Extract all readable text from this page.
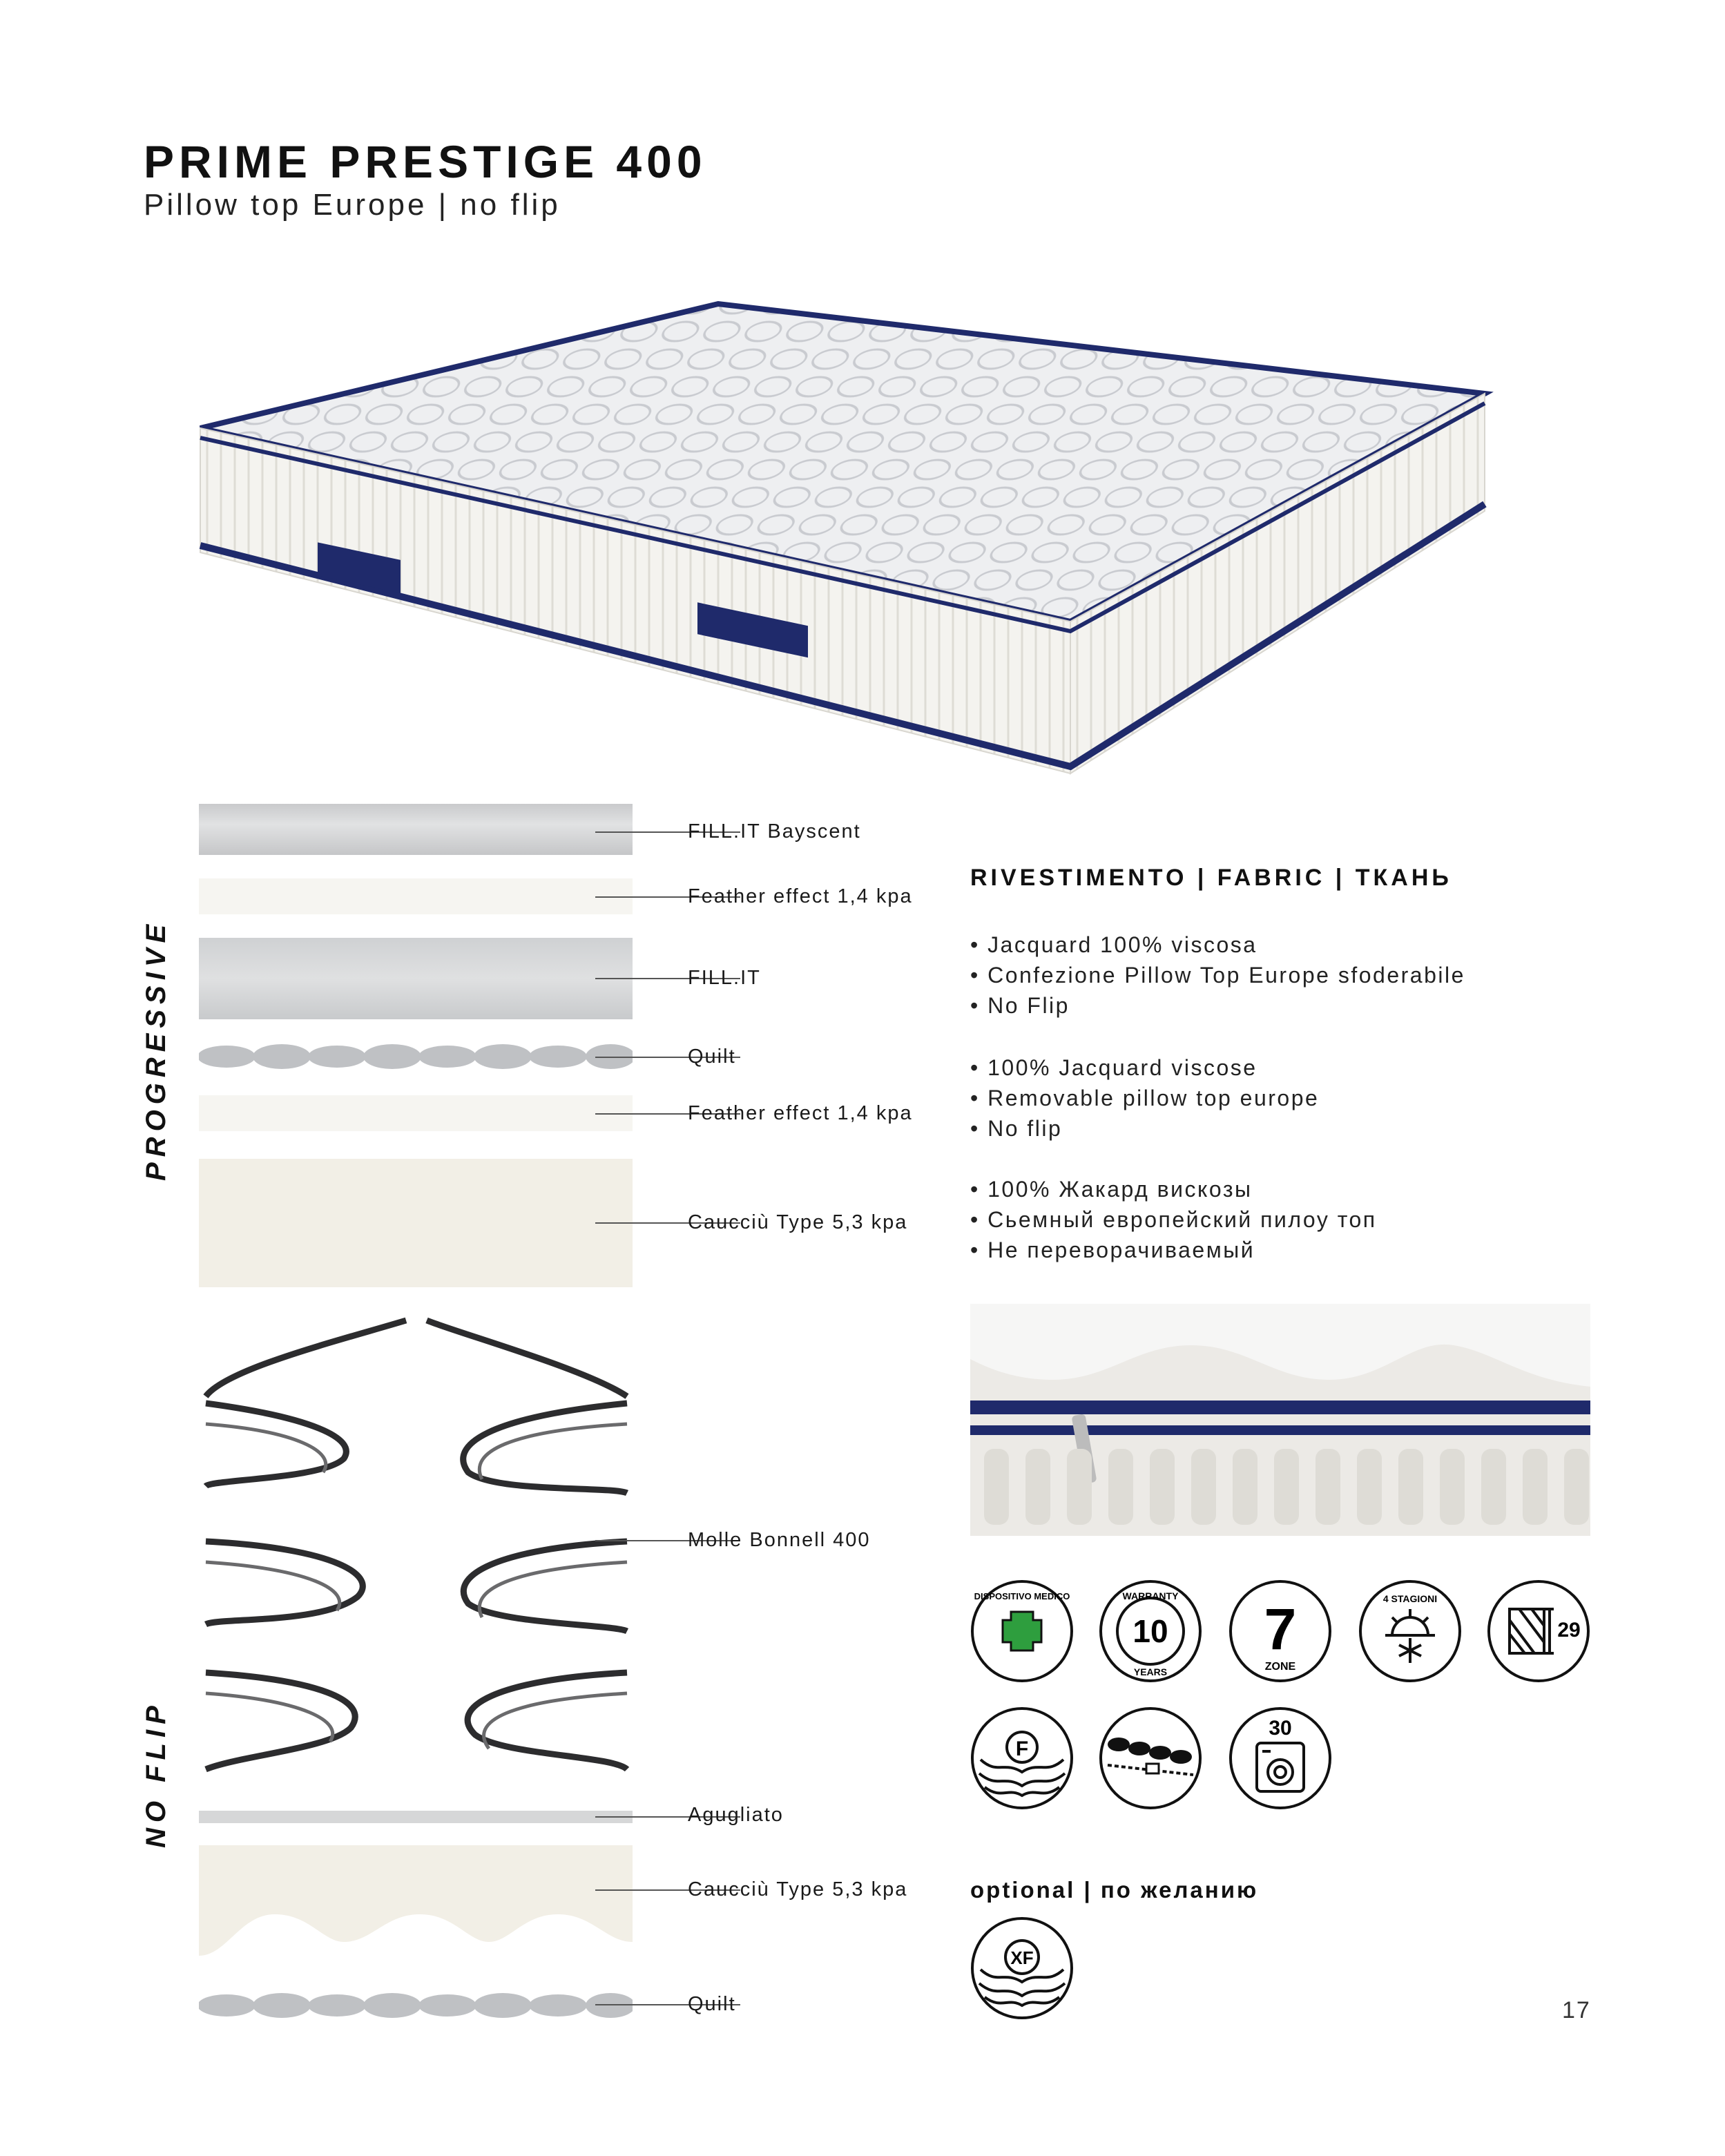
PRIME PRESTIGE 400
Pillow top Europe | no flip
PROGRESSIVE
NO FLIP
FILL.IT Bayscent
Feather effect 1,4 kpa
FILL.IT
Quilt
Feather effect 1,4 kpa
Caucciù Type 5,3 kpa
Molle Bonnell 400
Agugliato
Caucciù Type 5,3 kpa
Quilt
RIVESTIMENTO | FABRIC | ТКАНЬ
• Jacquard 100% viscosa
• Confezione Pillow Top Europe sfoderabile
• No Flip
• 100% Jacquard viscose
• Removable pillow top europe
• No flip
• 100% Жакард вискозы
• Сьемный европейский пилоу топ
• Не переворачиваемый
DISPOSITIVO MEDICO	WARRANTY
10
YEARS
7
ZONE
4 STAGIONI
29
F
30
optional | по желанию
XF
17
